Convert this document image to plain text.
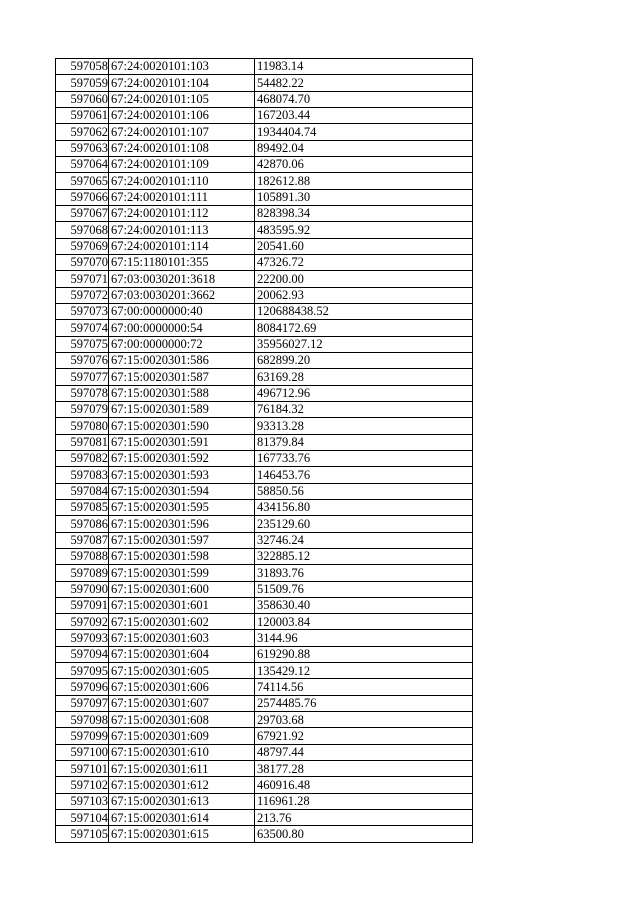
597058	67:24:0020101:103	11983.14
597059	67:24:0020101:104	54482.22
597060	67:24:0020101:105	468074.70
597061	67:24:0020101:106	167203.44
597062	67:24:0020101:107	1934404.74
597063	67:24:0020101:108	89492.04
597064	67:24:0020101:109	42870.06
597065	67:24:0020101:110	182612.88
597066	67:24:0020101:111	105891.30
597067	67:24:0020101:112	828398.34
597068	67:24:0020101:113	483595.92
597069	67:24:0020101:114	20541.60
597070	67:15:1180101:355	47326.72
597071	67:03:0030201:3618	22200.00
597072	67:03:0030201:3662	20062.93
597073	67:00:0000000:40	120688438.52
597074	67:00:0000000:54	8084172.69
597075	67:00:0000000:72	35956027.12
597076	67:15:0020301:586	682899.20
597077	67:15:0020301:587	63169.28
597078	67:15:0020301:588	496712.96
597079	67:15:0020301:589	76184.32
597080	67:15:0020301:590	93313.28
597081	67:15:0020301:591	81379.84
597082	67:15:0020301:592	167733.76
597083	67:15:0020301:593	146453.76
597084	67:15:0020301:594	58850.56
597085	67:15:0020301:595	434156.80
597086	67:15:0020301:596	235129.60
597087	67:15:0020301:597	32746.24
597088	67:15:0020301:598	322885.12
597089	67:15:0020301:599	31893.76
597090	67:15:0020301:600	51509.76
597091	67:15:0020301:601	358630.40
597092	67:15:0020301:602	120003.84
597093	67:15:0020301:603	3144.96
597094	67:15:0020301:604	619290.88
597095	67:15:0020301:605	135429.12
597096	67:15:0020301:606	74114.56
597097	67:15:0020301:607	2574485.76
597098	67:15:0020301:608	29703.68
597099	67:15:0020301:609	67921.92
597100	67:15:0020301:610	48797.44
597101	67:15:0020301:611	38177.28
597102	67:15:0020301:612	460916.48
597103	67:15:0020301:613	116961.28
597104	67:15:0020301:614	213.76
597105	67:15:0020301:615	63500.80
